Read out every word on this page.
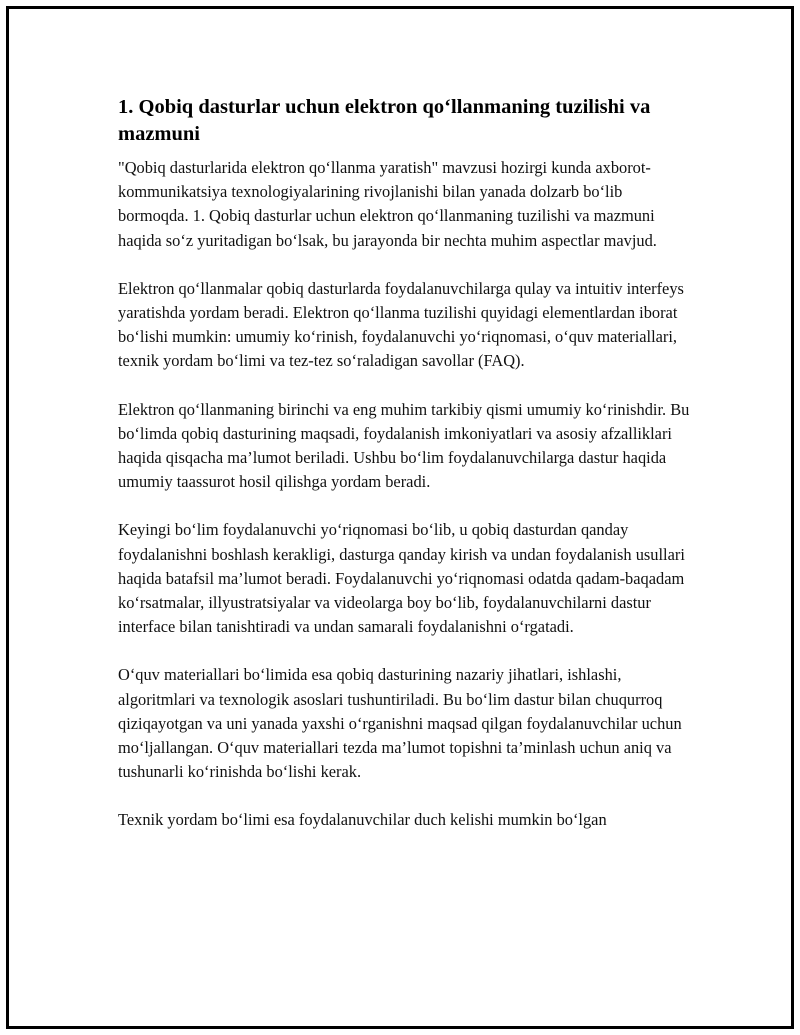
1. Qobiq dasturlar uchun elektron qo‘llanmaning tuzilishi va mazmuni

"Qobiq dasturlarida elektron qo‘llanma yaratish" mavzusi hozirgi kunda axborot-kommunikatsiya texnologiyalarining rivojlanishi bilan yanada dolzarb bo‘lib bormoqda. 1. Qobiq dasturlar uchun elektron qo‘llanmaning tuzilishi va mazmuni haqida so‘z yuritadigan bo‘lsak, bu jarayonda bir nechta muhim aspectlar mavjud.

Elektron qo‘llanmalar qobiq dasturlarda foydalanuvchilarga qulay va intuitiv interfeys yaratishda yordam beradi. Elektron qo‘llanma tuzilishi quyidagi elementlardan iborat bo‘lishi mumkin: umumiy ko‘rinish, foydalanuvchi yo‘riqnomasi, o‘quv materiallari, texnik yordam bo‘limi va tez-tez so‘raladigan savollar (FAQ).

Elektron qo‘llanmaning birinchi va eng muhim tarkibiy qismi umumiy ko‘rinishdir. Bu bo‘limda qobiq dasturining maqsadi, foydalanish imkoniyatlari va asosiy afzalliklari haqida qisqacha ma’lumot beriladi. Ushbu bo‘lim foydalanuvchilarga dastur haqida umumiy taassurot hosil qilishga yordam beradi.

Keyingi bo‘lim foydalanuvchi yo‘riqnomasi bo‘lib, u qobiq dasturdan qanday foydalanishni boshlash kerakligi, dasturga qanday kirish va undan foydalanish usullari haqida batafsil ma’lumot beradi. Foydalanuvchi yo‘riqnomasi odatda qadam-baqadam ko‘rsatmalar, illyustratsiyalar va videolarga boy bo‘lib, foydalanuvchilarni dastur interface bilan tanishtiradi va undan samarali foydalanishni o‘rgatadi.

O‘quv materiallari bo‘limida esa qobiq dasturining nazariy jihatlari, ishlashi, algoritmlari va texnologik asoslari tushuntiriladi. Bu bo‘lim dastur bilan chuqurroq qiziqayotgan va uni yanada yaxshi o‘rganishni maqsad qilgan foydalanuvchilar uchun mo‘ljallangan. O‘quv materiallari tezda ma’lumot topishni ta’minlash uchun aniq va tushunarli ko‘rinishda bo‘lishi kerak.

Texnik yordam bo‘limi esa foydalanuvchilar duch kelishi mumkin bo‘lgan
